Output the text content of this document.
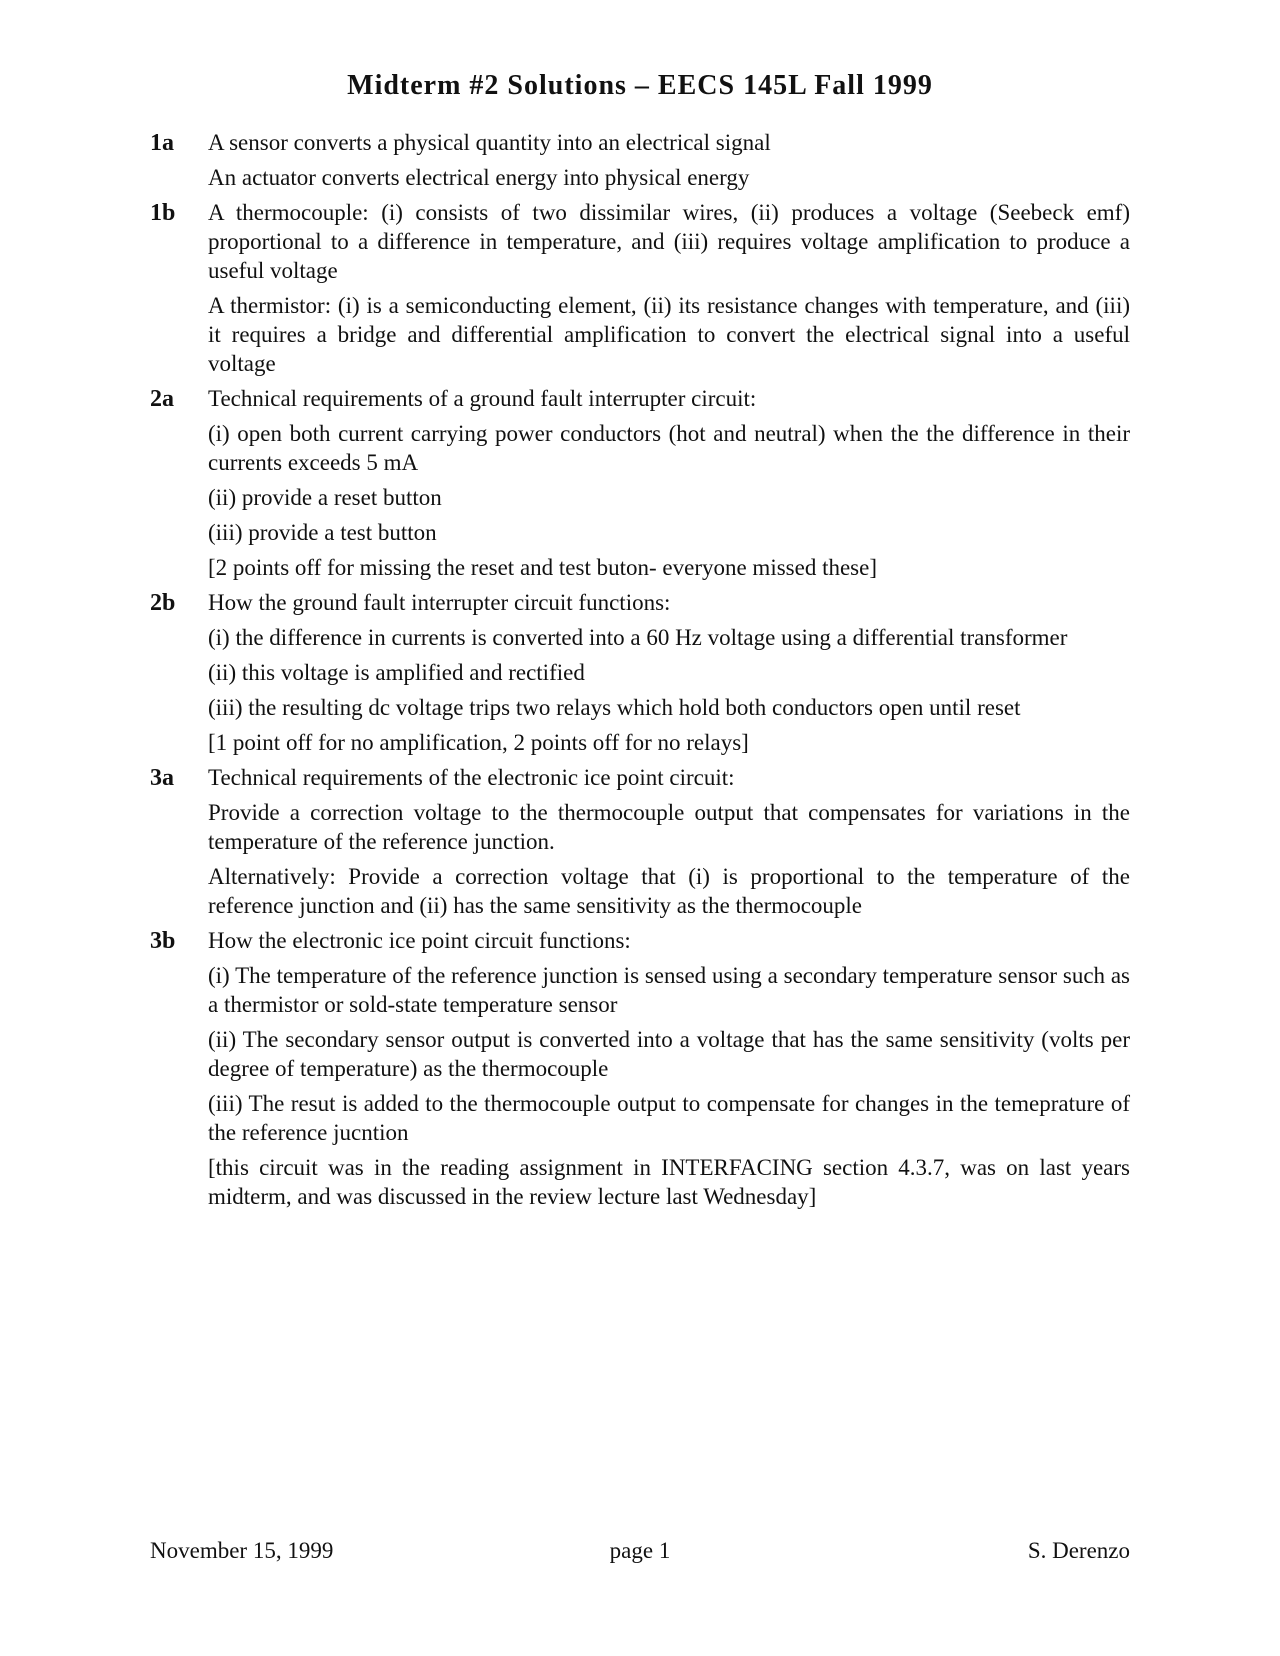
Midterm #2 Solutions – EECS 145L Fall 1999
1a	A sensor converts a physical quantity into an electrical signal

An actuator converts electrical energy into physical energy

1b	A thermocouple: (i) consists of two dissimilar wires, (ii) produces a voltage (Seebeck emf) proportional to a difference in temperature, and (iii) requires voltage amplification to produce a useful voltage

A thermistor: (i) is a semiconducting element, (ii) its resistance changes with temperature, and (iii) it requires a bridge and differential amplification to convert the electrical signal into a useful voltage

2a	Technical requirements of a ground fault interrupter circuit:

(i) open both current carrying power conductors (hot and neutral) when the the difference in their currents exceeds 5 mA

(ii) provide a reset button

(iii) provide a test button

[2 points off for missing the reset and test buton- everyone missed these]

2b	How the ground fault interrupter circuit functions:

(i) the difference in currents is converted into a 60 Hz voltage using a differential transformer

(ii) this voltage is amplified and rectified

(iii) the resulting dc voltage trips two relays which hold both conductors open until reset

[1 point off for no amplification, 2 points off for no relays]

3a	Technical requirements of the electronic ice point circuit:

Provide a correction voltage to the thermocouple output that compensates for variations in the temperature of the reference junction.

Alternatively: Provide a correction voltage that (i) is proportional to the temperature of the reference junction and (ii) has the same sensitivity as the thermocouple

3b	How the electronic ice point circuit functions:

(i) The temperature of the reference junction is sensed using a secondary temperature sensor such as a thermistor or sold-state temperature sensor

(ii) The secondary sensor output is converted into a voltage that has the same sensitivity (volts per degree of temperature) as the thermocouple

(iii) The resut is added to the thermocouple output to compensate for changes in the temepraturе of the reference jucntion

[this circuit was in the reading assignment in INTERFACING section 4.3.7, was on last years midterm, and was discussed in the review lecture last Wednesday]

November 15, 1999	page 1	S. Derenzo
